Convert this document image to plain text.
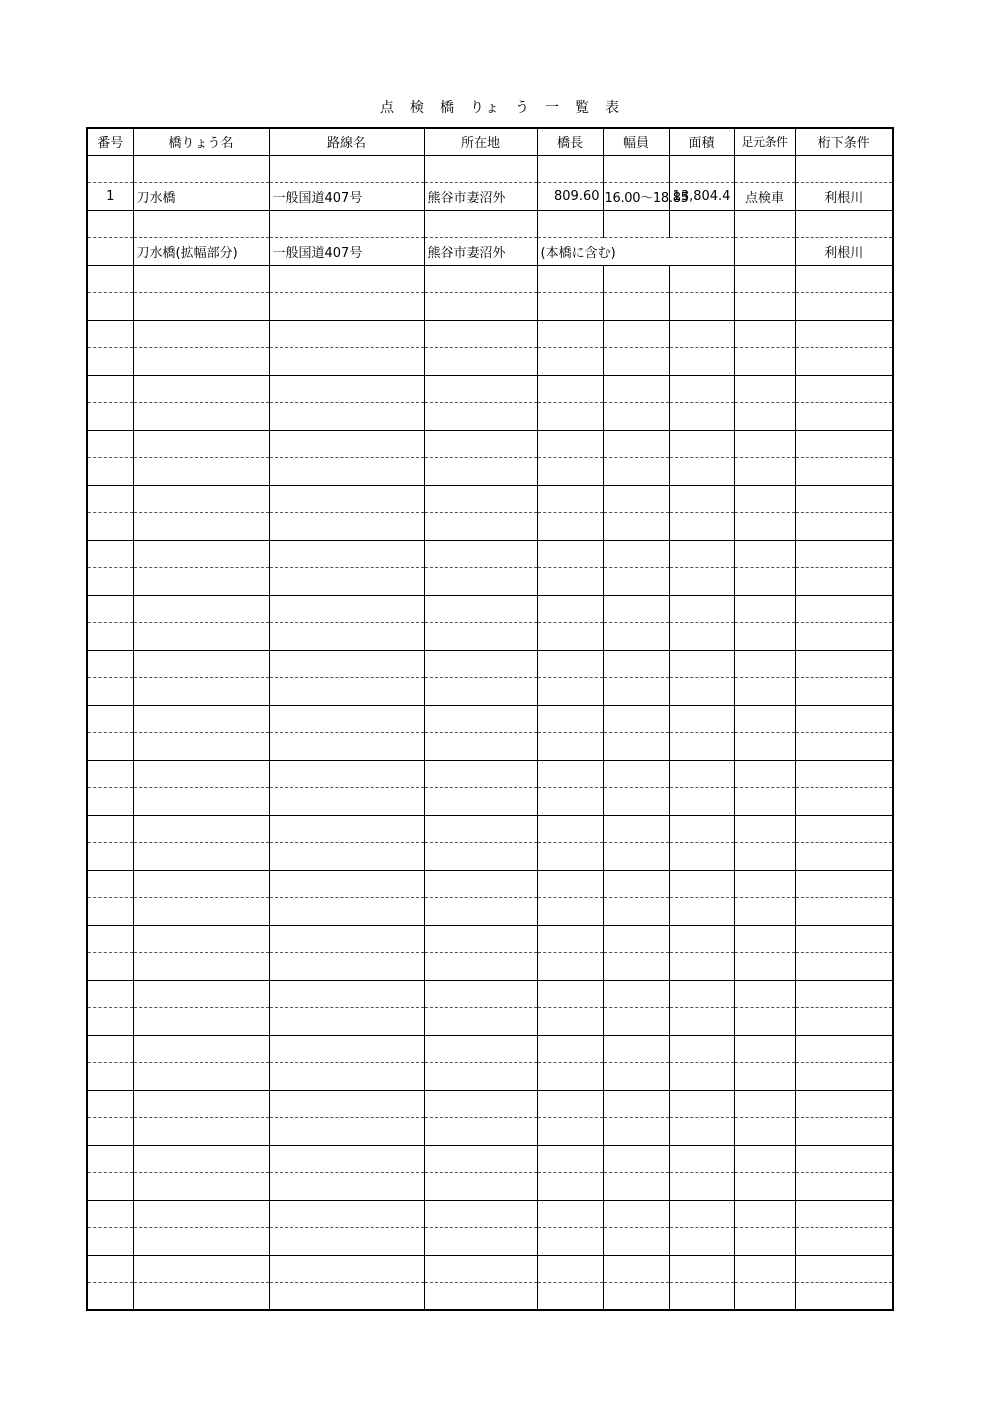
点　検　橋　りょ　う　一　覧　表
番号	橋りょう名	路線名	所在地	橋長	幅員	面積	足元条件	桁下条件

1	刀水橋	一般国道407号	熊谷市妻沼外	809.60	16.00～18.85	13,804.4	点検車	利根川

	刀水橋(拡幅部分)	一般国道407号	熊谷市妻沼外	(本橋に含む)				利根川
